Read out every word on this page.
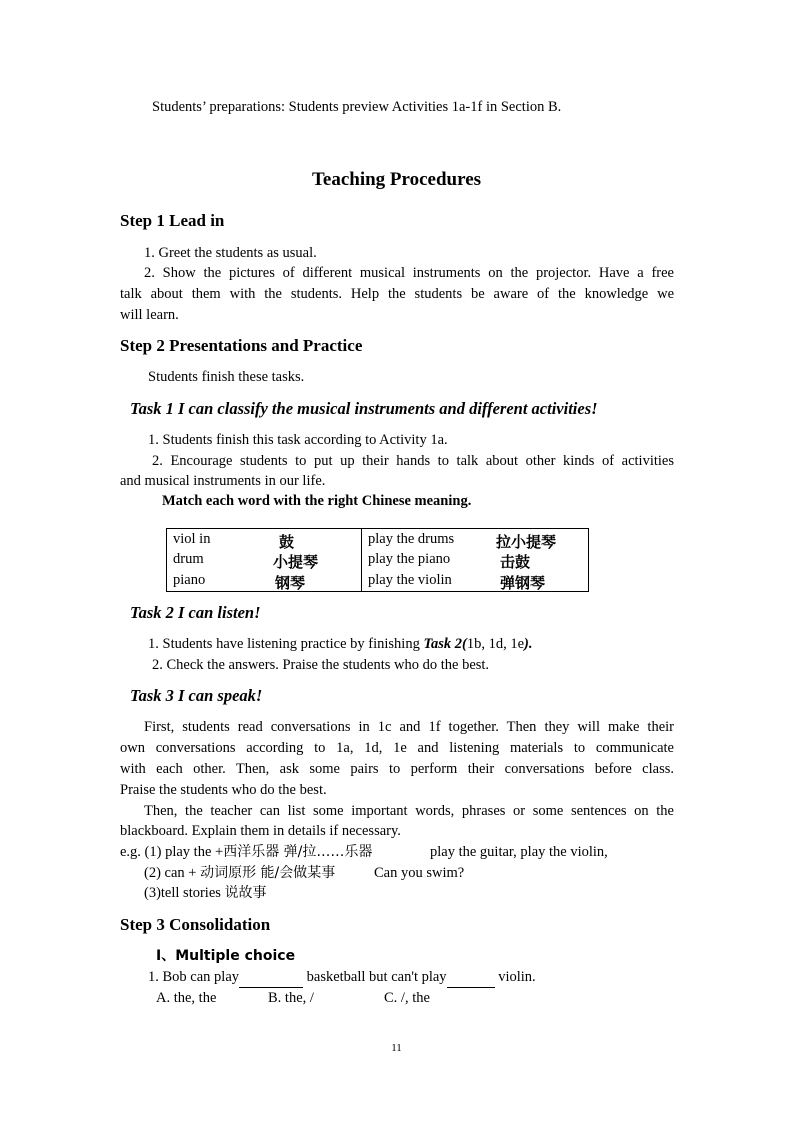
Students’ preparations: Students preview Activities 1a-1f in Section B.
Teaching Procedures
Step 1 Lead in
1. Greet the students as usual.
2. Show the pictures of different musical instruments on the projector. Have a free
talk about them with the students. Help the students be aware of the knowledge we
will learn.
Step 2 Presentations and Practice
Students finish these tasks.
Task 1 I can classify the musical instruments and different activities!
1. Students finish this task according to Activity 1a.
2. Encourage students to put up their hands to talk about other kinds of activities
and musical instruments in our life.
Match each word with the right Chinese meaning.
viol in 鼓	play the drums 拉小提琴

drum 小提琴	play the piano 击鼓

piano 钢琴	play the violin 弹钢琴
Task 2 I can listen!
1. Students have listening practice by finishing Task 2(1b, 1d, 1e).
2. Check the answers. Praise the students who do the best.
Task 3 I can speak!
First, students read conversations in 1c and 1f together. Then they will make their
own conversations according to 1a, 1d, 1e and listening materials to communicate
with each other. Then, ask some pairs to perform their conversations before class.
Praise the students who do the best.
Then, the teacher can list some important words, phrases or some sentences on the
blackboard. Explain them in details if necessary.
e.g. (1) play the +西洋乐器 弹/拉……乐器	play the guitar, play the violin,
(2) can + 动词原形 能/会做某事	Can you swim?
(3)tell stories 说故事
Step 3 Consolidation
I、Multiple choice
1. Bob can play	basketball but can't play	violin.
A. the, the	B. the, /	C. /, the
11
